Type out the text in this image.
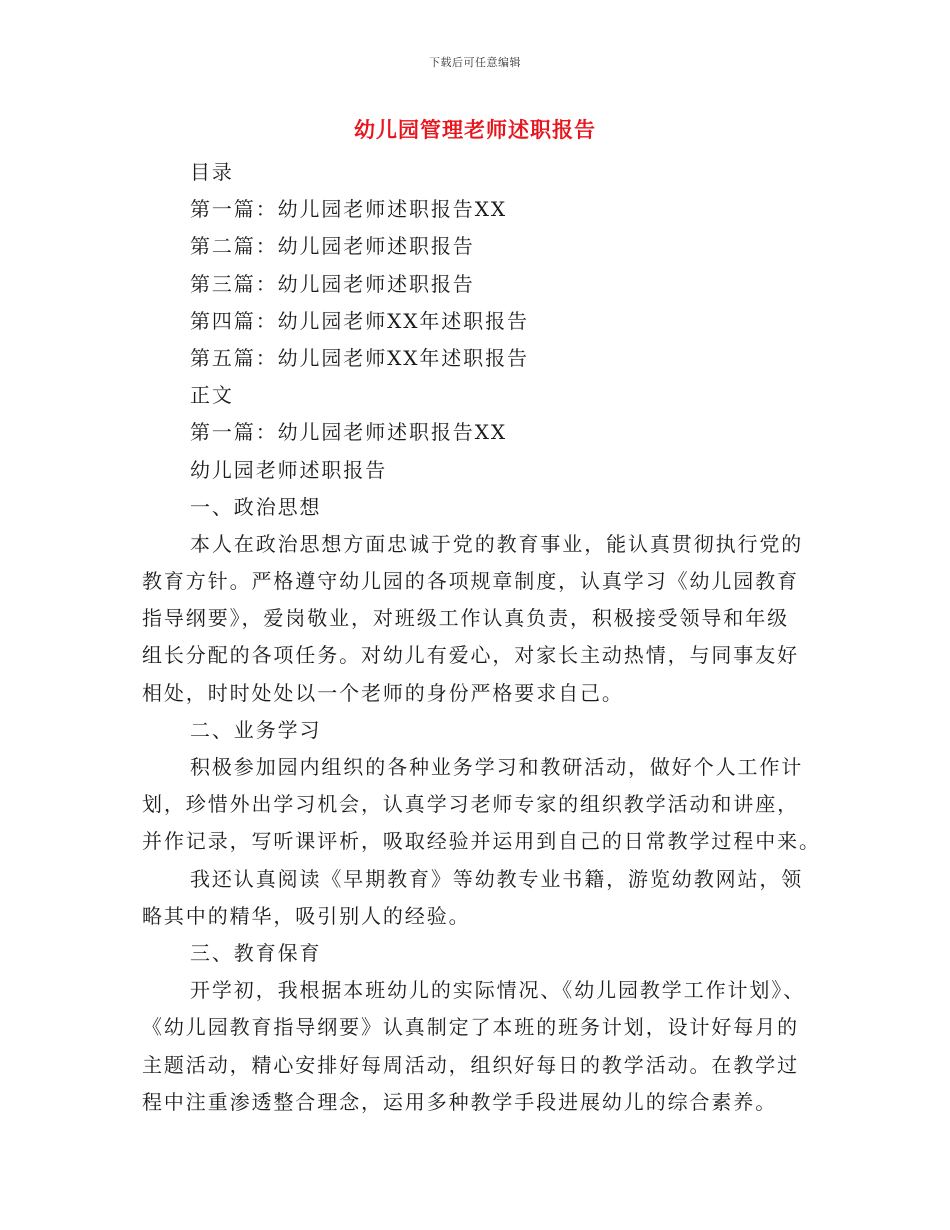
下载后可任意编辑
幼儿园管理老师述职报告
目录
第一篇：幼儿园老师述职报告XX
第二篇：幼儿园老师述职报告
第三篇：幼儿园老师述职报告
第四篇：幼儿园老师XX年述职报告
第五篇：幼儿园老师XX年述职报告
正文
第一篇：幼儿园老师述职报告XX
幼儿园老师述职报告
一、政治思想
本人在政治思想方面忠诚于党的教育事业，能认真贯彻执行党的
教育方针。严格遵守幼儿园的各项规章制度，认真学习《幼儿园教育
指导纲要》，爱岗敬业，对班级工作认真负责，积极接受领导和年级
组长分配的各项任务。对幼儿有爱心，对家长主动热情，与同事友好
相处，时时处处以一个老师的身份严格要求自己。
二、业务学习
积极参加园内组织的各种业务学习和教研活动，做好个人工作计
划，珍惜外出学习机会，认真学习老师专家的组织教学活动和讲座，
并作记录，写听课评析，吸取经验并运用到自己的日常教学过程中来。
我还认真阅读《早期教育》等幼教专业书籍，游览幼教网站，领
略其中的精华，吸引别人的经验。
三、教育保育
开学初，我根据本班幼儿的实际情况、《幼儿园教学工作计划》、
《幼儿园教育指导纲要》认真制定了本班的班务计划，设计好每月的
主题活动，精心安排好每周活动，组织好每日的教学活动。在教学过
程中注重渗透整合理念，运用多种教学手段进展幼儿的综合素养。
